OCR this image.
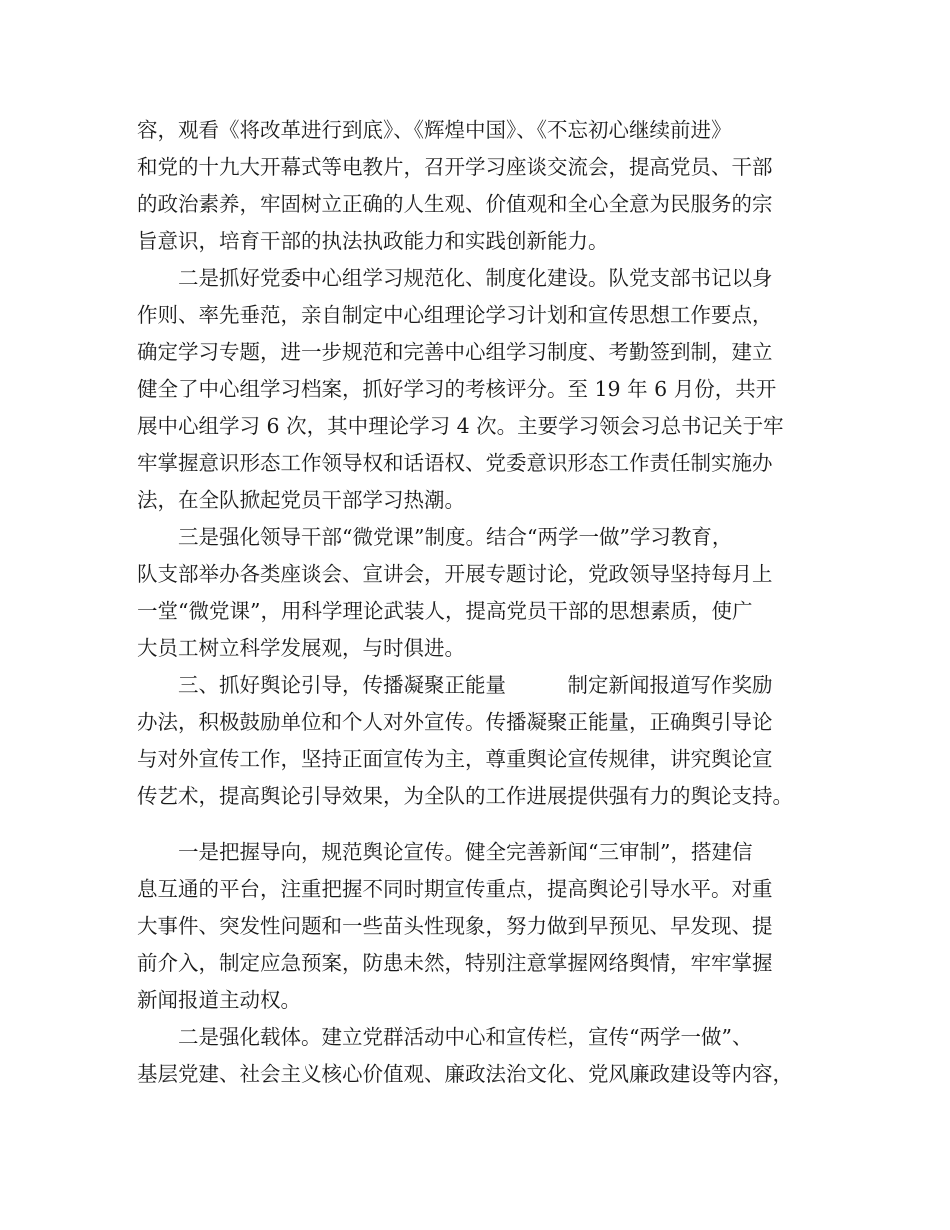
容，观看《将改革进行到底》、《辉煌中国》、《不忘初心继续前进》
和党的十九大开幕式等电教片，召开学习座谈交流会，提高党员、干部
的政治素养，牢固树立正确的人生观、价值观和全心全意为民服务的宗
旨意识，培育干部的执法执政能力和实践创新能力。
二是抓好党委中心组学习规范化、制度化建设。队党支部书记以身
作则、率先垂范，亲自制定中心组理论学习计划和宣传思想工作要点，
确定学习专题，进一步规范和完善中心组学习制度、考勤签到制，建立
健全了中心组学习档案，抓好学习的考核评分。至 19 年 6 月份，共开
展中心组学习 6 次，其中理论学习 4 次。主要学习领会习总书记关于牢
牢掌握意识形态工作领导权和话语权、党委意识形态工作责任制实施办
法，在全队掀起党员干部学习热潮。
三是强化领导干部“微党课”制度。结合“两学一做”学习教育，
队支部举办各类座谈会、宣讲会，开展专题讨论，党政领导坚持每月上
一堂“微党课”，用科学理论武装人，提高党员干部的思想素质，使广
大员工树立科学发展观，与时俱进。
三、抓好舆论引导，传播凝聚正能量　　　制定新闻报道写作奖励
办法，积极鼓励单位和个人对外宣传。传播凝聚正能量，正确舆引导论
与对外宣传工作，坚持正面宣传为主，尊重舆论宣传规律，讲究舆论宣
传艺术，提高舆论引导效果，为全队的工作进展提供强有力的舆论支持。
一是把握导向，规范舆论宣传。健全完善新闻“三审制”，搭建信
息互通的平台，注重把握不同时期宣传重点，提高舆论引导水平。对重
大事件、突发性问题和一些苗头性现象，努力做到早预见、早发现、提
前介入，制定应急预案，防患未然，特别注意掌握网络舆情，牢牢掌握
新闻报道主动权。
二是强化载体。建立党群活动中心和宣传栏，宣传“两学一做”、
基层党建、社会主义核心价值观、廉政法治文化、党风廉政建设等内容，
